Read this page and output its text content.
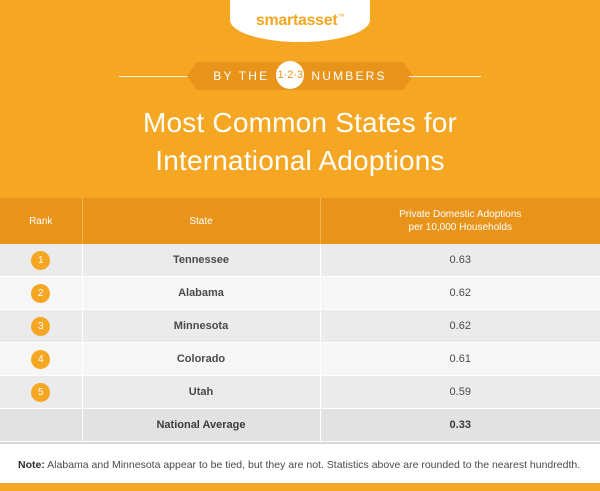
smartasset™
BY THE 1·2·3 NUMBERS
Most Common States for
International Adoptions
Rank	State	Private Domestic Adoptions
per 10,000 Households

1	Tennessee	0.63
2	Alabama	0.62
3	Minnesota	0.62
4	Colorado	0.61
5	Utah	0.59
	National Average	0.33
Note: Alabama and Minnesota appear to be tied, but they are not. Statistics above are rounded to the nearest hundredth.
